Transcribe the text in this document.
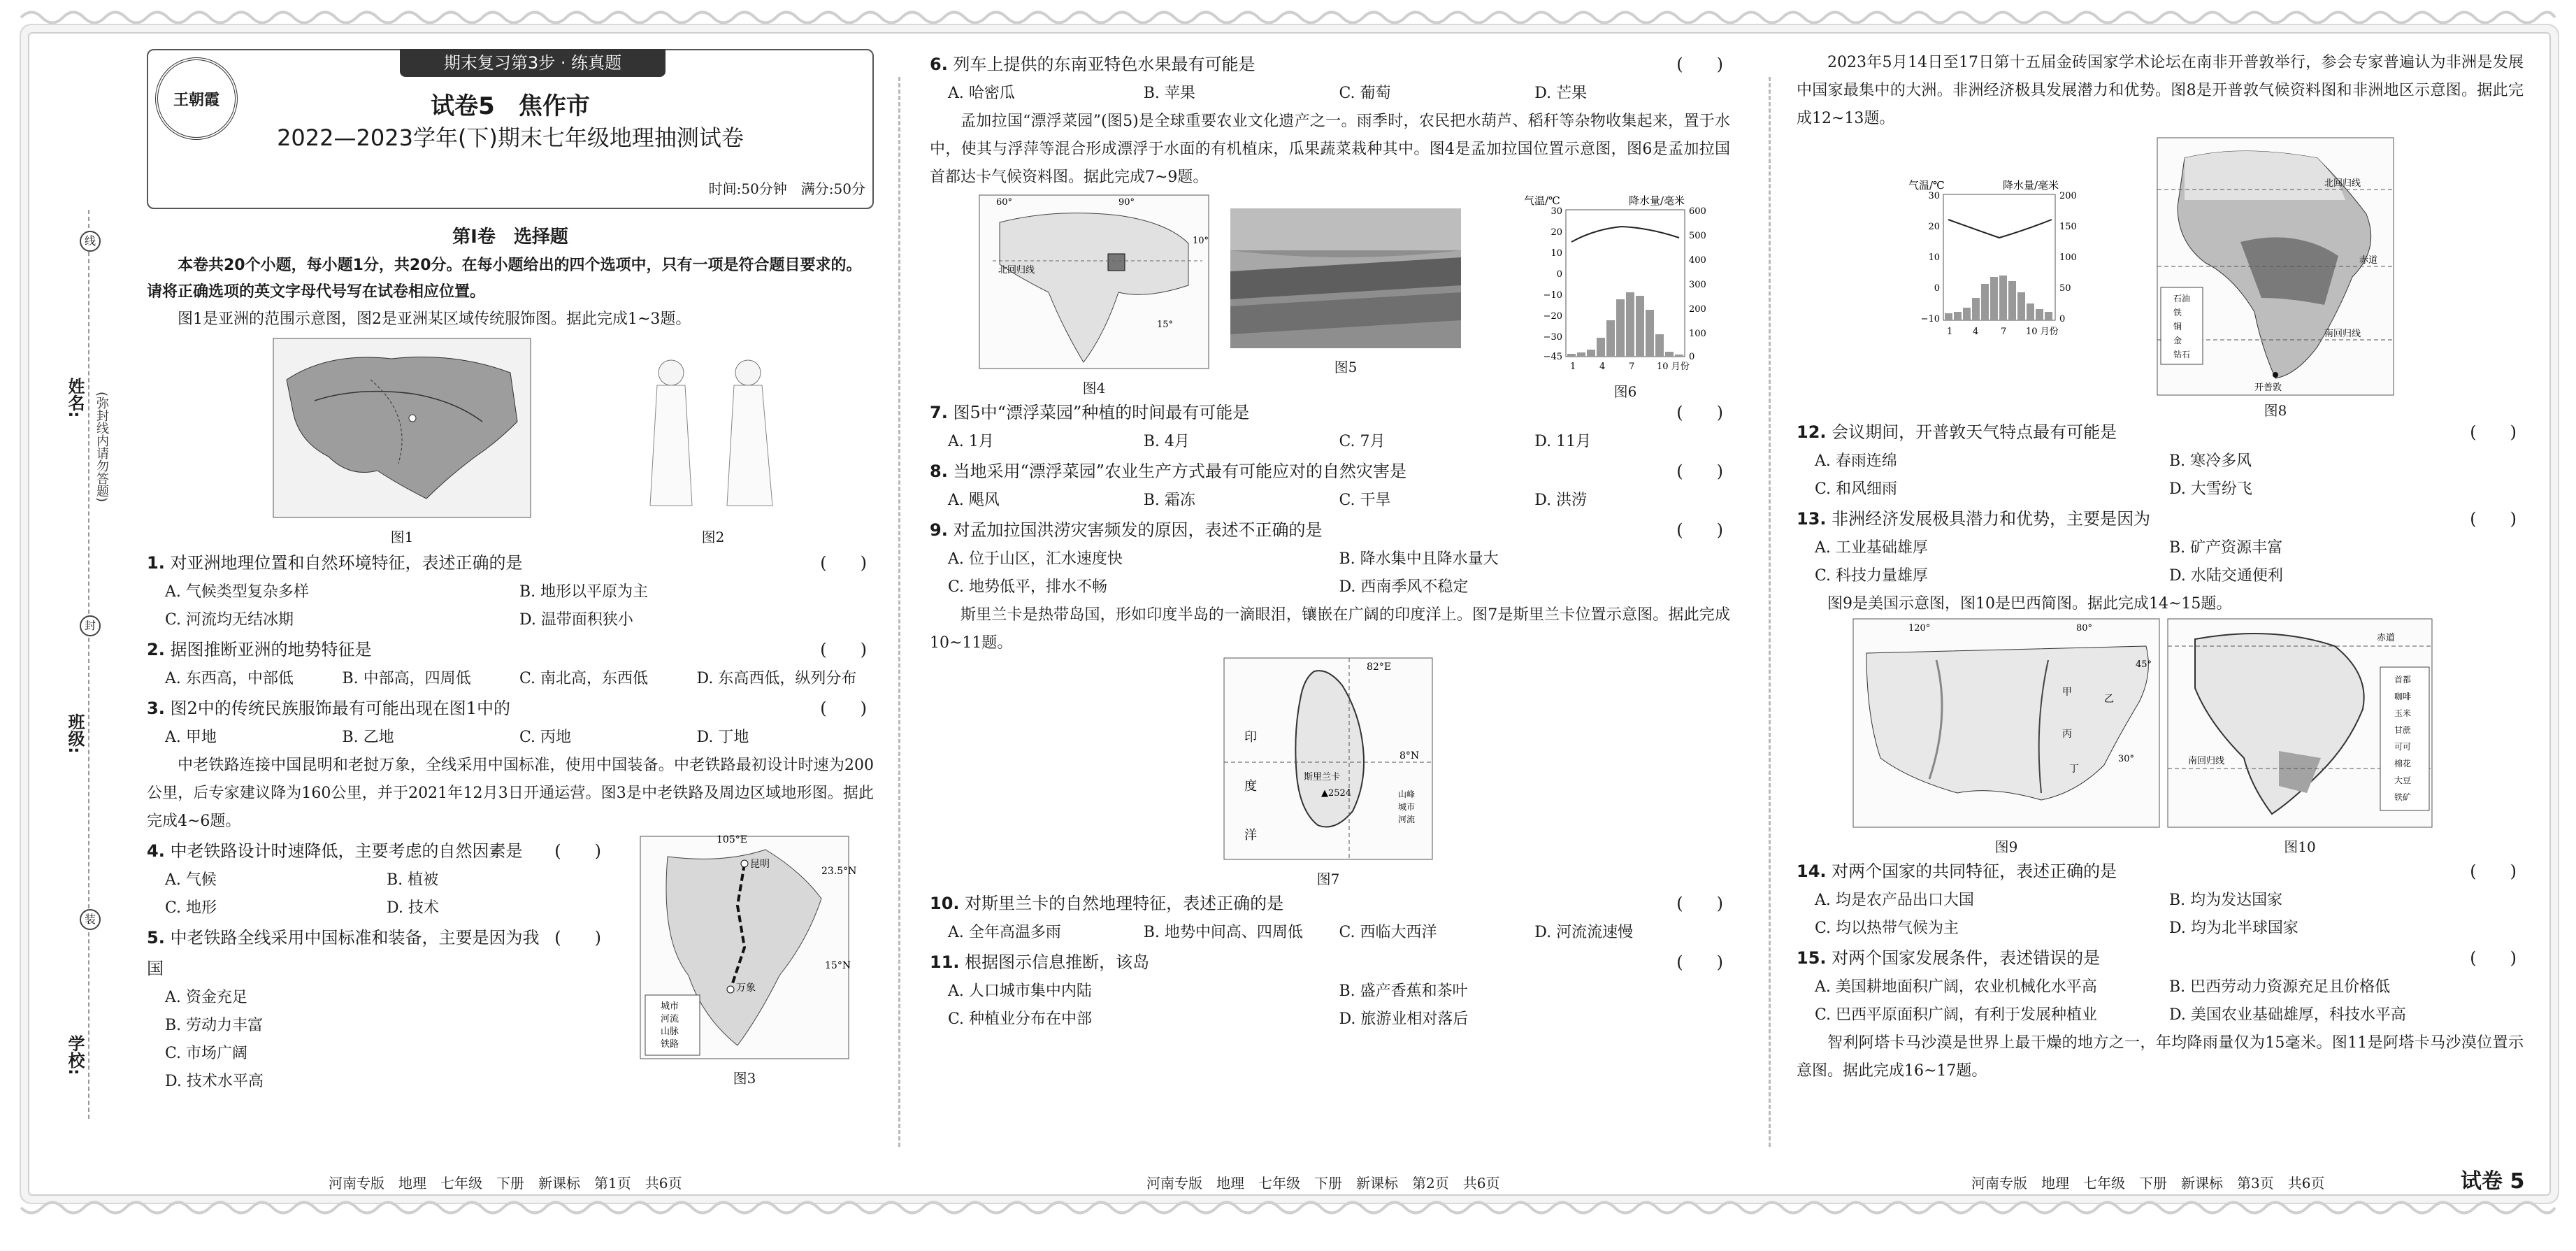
姓名:
班级:
学校:
线
(弥封线内请勿答题)
封
装
期末复习第3步 · 练真题
王朝霞	试卷5　焦作市
2022—2023学年(下)期末七年级地理抽测试卷
时间:50分钟　满分:50分
第Ⅰ卷　选择题

本卷共20个小题，每小题1分，共20分。在每小题给出的四个选项中，只有一项是符合题目要求的。请将正确选项的英文字母代号写在试卷相应位置。

图1是亚洲的范围示意图，图2是亚洲某区域传统服饰图。据此完成1~3题。

图1	图2
1. 对亚洲地理位置和自然环境特征，表述正确的是	(　　)
A. 气候类型复杂多样	B. 地形以平原为主
C. 河流均无结冰期	D. 温带面积狭小
2. 据图推断亚洲的地势特征是	(　　)
A. 东西高，中部低	B. 中部高，四周低	C. 南北高，东西低	D. 东高西低，纵列分布
3. 图2中的传统民族服饰最有可能出现在图1中的	(　　)
A. 甲地	B. 乙地	C. 丙地	D. 丁地

中老铁路连接中国昆明和老挝万象，全线采用中国标准，使用中国装备。中老铁路最初设计时速为200公里，后专家建议降为160公里，并于2021年12月3日开通运营。图3是中老铁路及周边区域地形图。据此完成4~6题。

4. 中老铁路设计时速降低，主要考虑的自然因素是 (　　)
A. 气候	B. 植被
C. 地形	D. 技术
5. 中老铁路全线采用中国标准和装备，主要是因为我国
(　　)
A. 资金充足
B. 劳动力丰富
C. 市场广阔
D. 技术水平高
105°E
23.5°N
15°N
昆明
万象
城市
河流
山脉
铁路
图3
6. 列车上提供的东南亚特色水果最有可能是	(　　)
A. 哈密瓜	B. 苹果	C. 葡萄	D. 芒果

孟加拉国“漂浮菜园”(图5)是全球重要农业文化遗产之一。雨季时，农民把水葫芦、稻秆等杂物收集起来，置于水中，使其与浮萍等混合形成漂浮于水面的有机植床，瓜果蔬菜栽种其中。图4是孟加拉国位置示意图，图6是孟加拉国首都达卡气候资料图。据此完成7~9题。

60°	90°
10°
15°
北回归线
图4
图5
气温/℃	降水量/毫米
30
20
10
0
−10
−20
−30
−45
600
500
400
300
200
100
0
1	4	7 10 月份
图6
7. 图5中“漂浮菜园”种植的时间最有可能是	(　　)
A. 1月	B. 4月	C. 7月	D. 11月
8. 当地采用“漂浮菜园”农业生产方式最有可能应对的自然灾害是	(　　)
A. 飓风	B. 霜冻	C. 干旱	D. 洪涝
9. 对孟加拉国洪涝灾害频发的原因，表述不正确的是	(　　)
A. 位于山区，汇水速度快	B. 降水集中且降水量大
C. 地势低平，排水不畅	D. 西南季风不稳定

斯里兰卡是热带岛国，形如印度半岛的一滴眼泪，镶嵌在广阔的印度洋上。图7是斯里兰卡位置示意图。据此完成10~11题。

82°E
8°N
印
度
洋
斯里兰卡
▲2524	山峰
城市
河流
图7
10. 对斯里兰卡的自然地理特征，表述正确的是	(　　)
A. 全年高温多雨	B. 地势中间高、四周低	C. 西临大西洋	D. 河流流速慢
11. 根据图示信息推断，该岛	(　　)
A. 人口城市集中内陆	B. 盛产香蕉和茶叶
C. 种植业分布在中部	D. 旅游业相对落后

2023年5月14日至17日第十五届金砖国家学术论坛在南非开普敦举行，参会专家普遍认为非洲是发展中国家最集中的大洲。非洲经济极具发展潜力和优势。图8是开普敦气候资料图和非洲地区示意图。据此完成12~13题。

气温/℃	降水量/毫米
30
20
10
0
−10
200
150
100
50
0
1 4 7 10 月份
北回归线
赤道
南回归线
开普敦
石油
铁
铜
金
钻石
图8
12. 会议期间，开普敦天气特点最有可能是	(　　)
A. 春雨连绵	B. 寒冷多风
C. 和风细雨	D. 大雪纷飞
13. 非洲经济发展极具潜力和优势，主要是因为	(　　)
A. 工业基础雄厚	B. 矿产资源丰富
C. 科技力量雄厚	D. 水陆交通便利

图9是美国示意图，图10是巴西简图。据此完成14~15题。

120°	80°
45°
30°
甲
乙
丙
丁
图9
赤道
南回归线
首都
咖啡
玉米
甘蔗
可可
棉花
大豆
铁矿
图10
14. 对两个国家的共同特征，表述正确的是	(　　)
A. 均是农产品出口大国	B. 均为发达国家
C. 均以热带气候为主	D. 均为北半球国家
15. 对两个国家发展条件，表述错误的是	(　　)
A. 美国耕地面积广阔，农业机械化水平高	B. 巴西劳动力资源充足且价格低
C. 巴西平原面积广阔，有利于发展种植业	D. 美国农业基础雄厚，科技水平高

智利阿塔卡马沙漠是世界上最干燥的地方之一，年均降雨量仅为15毫米。图11是阿塔卡马沙漠位置示意图。据此完成16~17题。

河南专版　地理　七年级　下册　新课标　第1页　共6页	河南专版　地理　七年级　下册　新课标　第2页　共6页	河南专版　地理　七年级　下册　新课标　第3页　共6页	试卷 5
